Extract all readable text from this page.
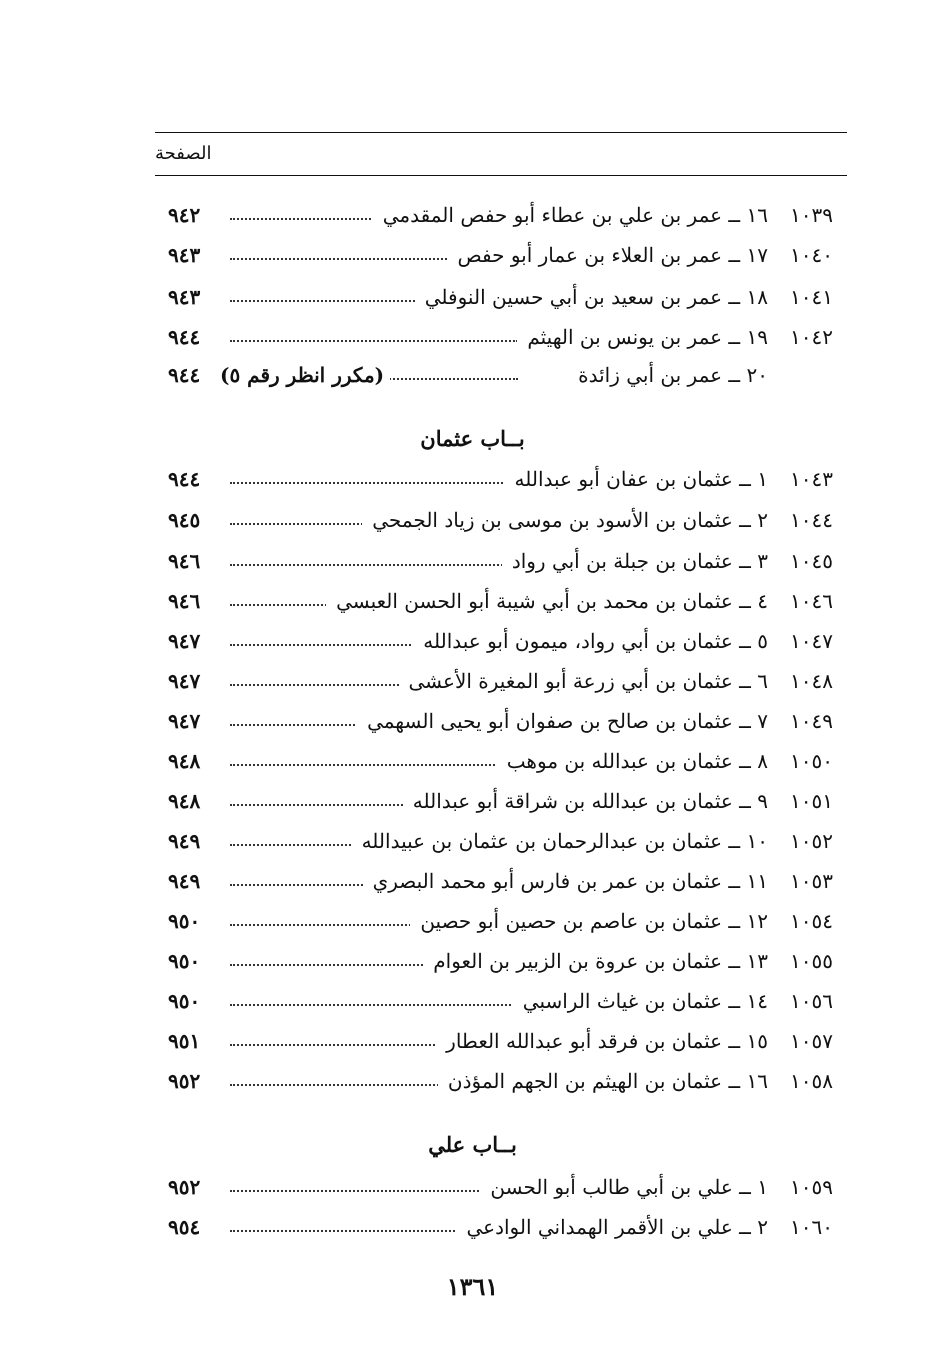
الصفحة
١٠٣٩
١٦ ــ عمر بن علي بن عطاء أبو حفص المقدمي
٩٤٢
١٠٤٠
١٧ ــ عمر بن العلاء بن عمار أبو حفص
٩٤٣
١٠٤١
١٨ ــ عمر بن سعيد بن أبي حسين النوفلي
٩٤٣
١٠٤٢
١٩ ــ عمر بن يونس بن الهيثم
٩٤٤
٢٠ ــ عمر بن أبي زائدة
(مكرر انظر رقم ٥)
٩٤٤
بــاب عثمان
١٠٤٣
١ ــ عثمان بن عفان أبو عبدالله
٩٤٤
١٠٤٤
٢ ــ عثمان بن الأسود بن موسى بن زياد الجمحي
٩٤٥
١٠٤٥
٣ ــ عثمان بن جبلة بن أبي رواد
٩٤٦
١٠٤٦
٤ ــ عثمان بن محمد بن أبي شيبة أبو الحسن العبسي
٩٤٦
١٠٤٧
٥ ــ عثمان بن أبي رواد، ميمون أبو عبدالله
٩٤٧
١٠٤٨
٦ ــ عثمان بن أبي زرعة أبو المغيرة الأعشى
٩٤٧
١٠٤٩
٧ ــ عثمان بن صالح بن صفوان أبو يحيى السهمي
٩٤٧
١٠٥٠
٨ ــ عثمان بن عبدالله بن موهب
٩٤٨
١٠٥١
٩ ــ عثمان بن عبدالله بن شراقة أبو عبدالله
٩٤٨
١٠٥٢
١٠ ــ عثمان بن عبدالرحمان بن عثمان بن عبيدالله
٩٤٩
١٠٥٣
١١ ــ عثمان بن عمر بن فارس أبو محمد البصري
٩٤٩
١٠٥٤
١٢ ــ عثمان بن عاصم بن حصين أبو حصين
٩٥٠
١٠٥٥
١٣ ــ عثمان بن عروة بن الزبير بن العوام
٩٥٠
١٠٥٦
١٤ ــ عثمان بن غياث الراسبي
٩٥٠
١٠٥٧
١٥ ــ عثمان بن فرقد أبو عبدالله العطار
٩٥١
١٠٥٨
١٦ ــ عثمان بن الهيثم بن الجهم المؤذن
٩٥٢
بــاب علي
١٠٥٩
١ ــ علي بن أبي طالب أبو الحسن
٩٥٢
١٠٦٠
٢ ــ علي بن الأقمر الهمداني الوادعي
٩٥٤
١٣٦١
